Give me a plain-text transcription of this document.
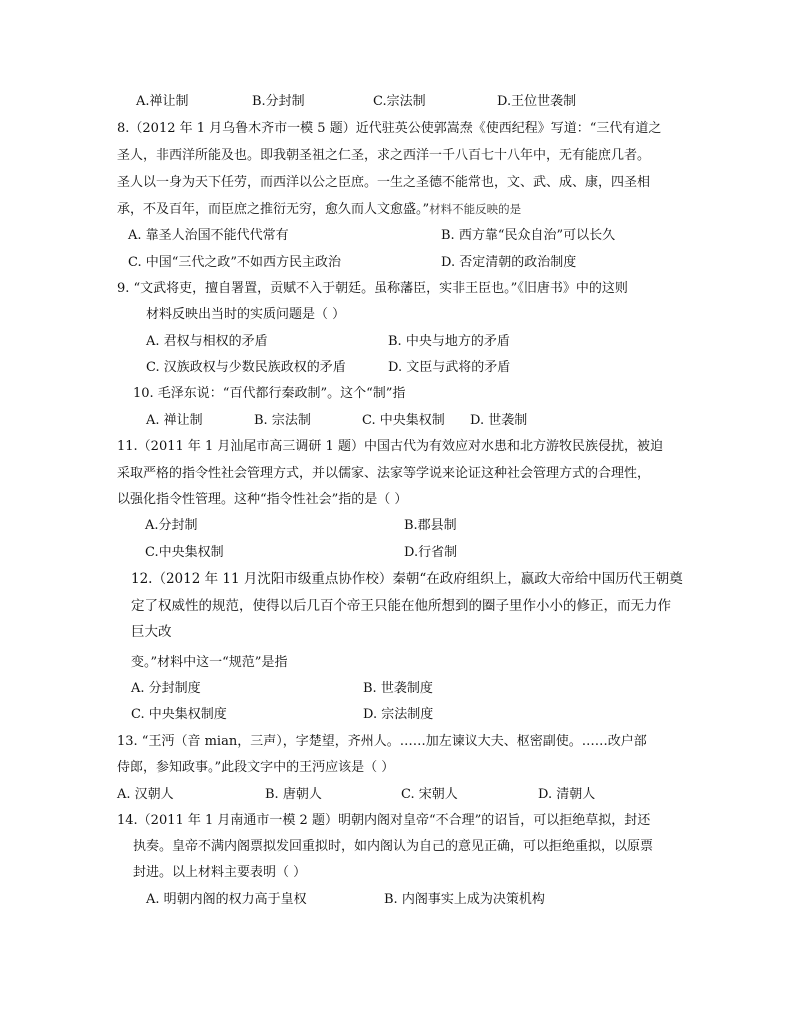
A.禅让制	B.分封制	C.宗法制	D.王位世袭制
8.（2012 年 1 月乌鲁木齐市一模 5 题）近代驻英公使郭嵩焘《使西纪程》写道：“三代有道之
圣人，非西洋所能及也。即我朝圣祖之仁圣，求之西洋一千八百七十八年中，无有能庶几者。
圣人以一身为天下任劳，而西洋以公之臣庶。一生之圣德不能常也，文、武、成、康，四圣相
承，不及百年，而臣庶之推衍无穷，愈久而人文愈盛。”材料不能反映的是
A. 靠圣人治国不能代代常有	B. 西方靠“民众自治”可以长久
C. 中国“三代之政”不如西方民主政治	D. 否定清朝的政治制度
9. “文武将吏，擅自署置，贡赋不入于朝廷。虽称藩臣，实非王臣也。”《旧唐书》中的这则
材料反映出当时的实质问题是（ ）
A. 君权与相权的矛盾	B. 中央与地方的矛盾
C. 汉族政权与少数民族政权的矛盾	D. 文臣与武将的矛盾
10. 毛泽东说：“百代都行秦政制”。这个“制”指
A. 禅让制	B. 宗法制	C. 中央集权制 D. 世袭制
11.（2011 年 1 月汕尾市高三调研 1 题）中国古代为有效应对水患和北方游牧民族侵扰，被迫
采取严格的指令性社会管理方式，并以儒家、法家等学说来论证这种社会管理方式的合理性，
以强化指令性管理。这种“指令性社会”指的是（ ）
A.分封制	B.郡县制
C.中央集权制	D.行省制
12.（2012 年 11 月沈阳市级重点协作校）秦朝“在政府组织上，嬴政大帝给中国历代王朝奠
定了权威性的规范，使得以后几百个帝王只能在他所想到的圈子里作小小的修正，而无力作
巨大改
变。”材料中这一“规范”是指
A. 分封制度	B. 世袭制度
C. 中央集权制度	D. 宗法制度
13. “王沔（音 mian，三声），字楚望，齐州人。……加左谏议大夫、枢密副使。……改户部
侍郎，参知政事。”此段文字中的王沔应该是（ ）
A. 汉朝人	B. 唐朝人	C. 宋朝人	D. 清朝人
14.（2011 年 1 月南通市一模 2 题）明朝内阁对皇帝“不合理”的诏旨，可以拒绝草拟，封还
执奏。皇帝不满内阁票拟发回重拟时，如内阁认为自己的意见正确，可以拒绝重拟，以原票
封进。以上材料主要表明（ ）
A. 明朝内阁的权力高于皇权	B. 内阁事实上成为决策机构
